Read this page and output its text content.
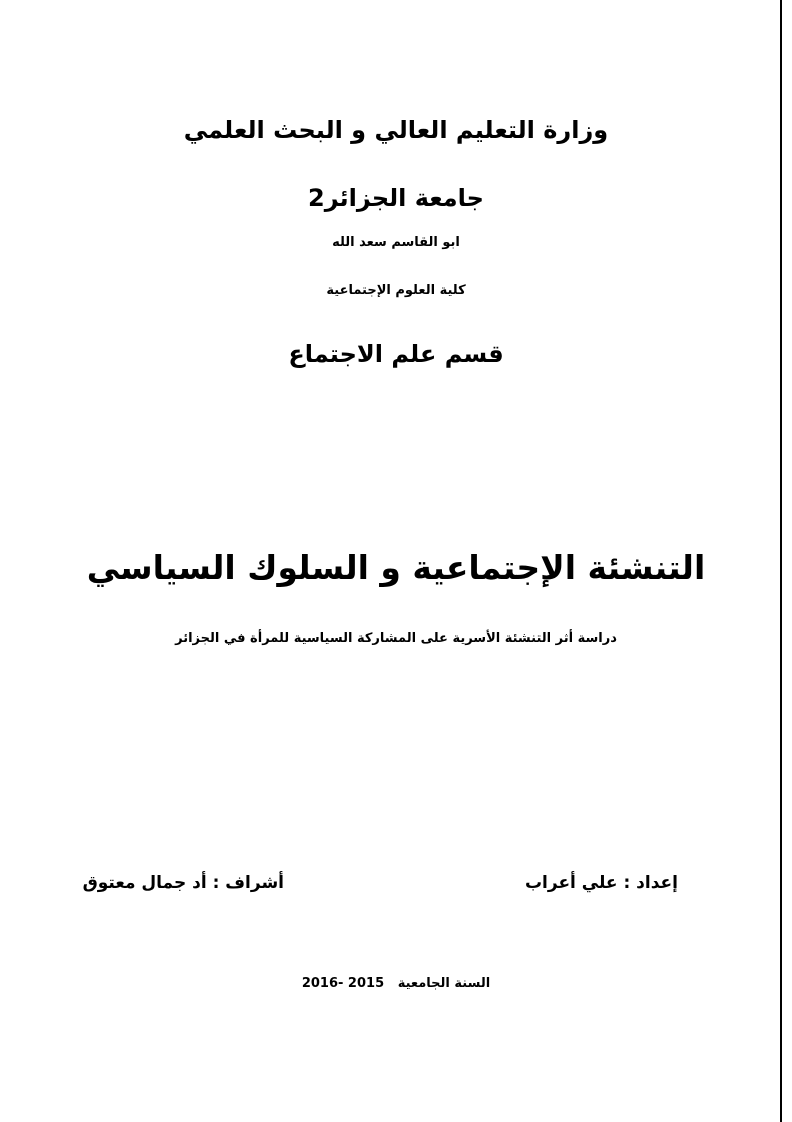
وزارة التعليم العالي و البحث العلمي
جامعة الجزائر2
ابو القاسم سعد الله
كلية العلوم الإجتماعية
قسم علم الاجتماع
التنشئة الإجتماعية و السلوك السياسي
دراسة أثر التنشئة الأسرية على المشاركة السياسية للمرأة في الجزائر
إعداد : علي أعراب
أشراف : أد جمال معتوق
السنة الجامعية   2016- 2015
